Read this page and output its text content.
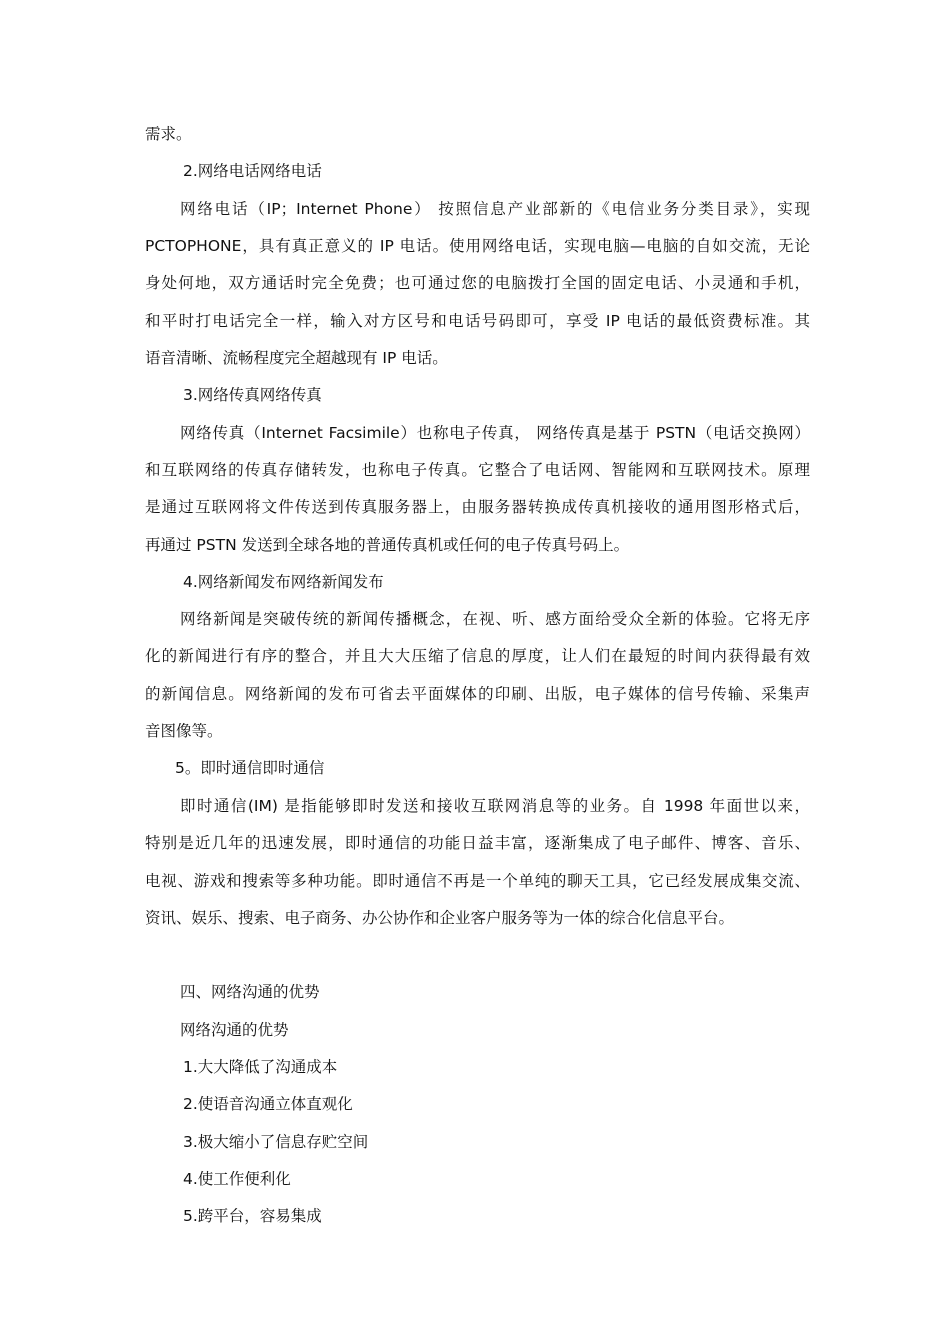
需求。
2.网络电话网络电话
网络电话（IP；Internet Phone） 按照信息产业部新的《电信业务分类目录》，实现
PCTOPHONE，具有真正意义的 IP 电话。使用网络电话，实现电脑—电脑的自如交流，无论
身处何地，双方通话时完全免费；也可通过您的电脑拨打全国的固定电话、小灵通和手机，
和平时打电话完全一样，输入对方区号和电话号码即可，享受 IP 电话的最低资费标准。其
语音清晰、流畅程度完全超越现有 IP 电话。
3.网络传真网络传真
网络传真（Internet Facsimile）也称电子传真， 网络传真是基于 PSTN（电话交换网）
和互联网络的传真存储转发，也称电子传真。它整合了电话网、智能网和互联网技术。原理
是通过互联网将文件传送到传真服务器上，由服务器转换成传真机接收的通用图形格式后，
再通过 PSTN 发送到全球各地的普通传真机或任何的电子传真号码上。
4.网络新闻发布网络新闻发布
网络新闻是突破传统的新闻传播概念，在视、听、感方面给受众全新的体验。它将无序
化的新闻进行有序的整合，并且大大压缩了信息的厚度，让人们在最短的时间内获得最有效
的新闻信息。网络新闻的发布可省去平面媒体的印刷、出版，电子媒体的信号传输、采集声
音图像等。
5。即时通信即时通信
即时通信(IM) 是指能够即时发送和接收互联网消息等的业务。自 1998 年面世以来，
特别是近几年的迅速发展，即时通信的功能日益丰富，逐渐集成了电子邮件、博客、音乐、
电视、游戏和搜索等多种功能。即时通信不再是一个单纯的聊天工具，它已经发展成集交流、
资讯、娱乐、搜索、电子商务、办公协作和企业客户服务等为一体的综合化信息平台。
四、网络沟通的优势
网络沟通的优势
1.大大降低了沟通成本
2.使语音沟通立体直观化
3.极大缩小了信息存贮空间
4.使工作便利化
5.跨平台，容易集成
